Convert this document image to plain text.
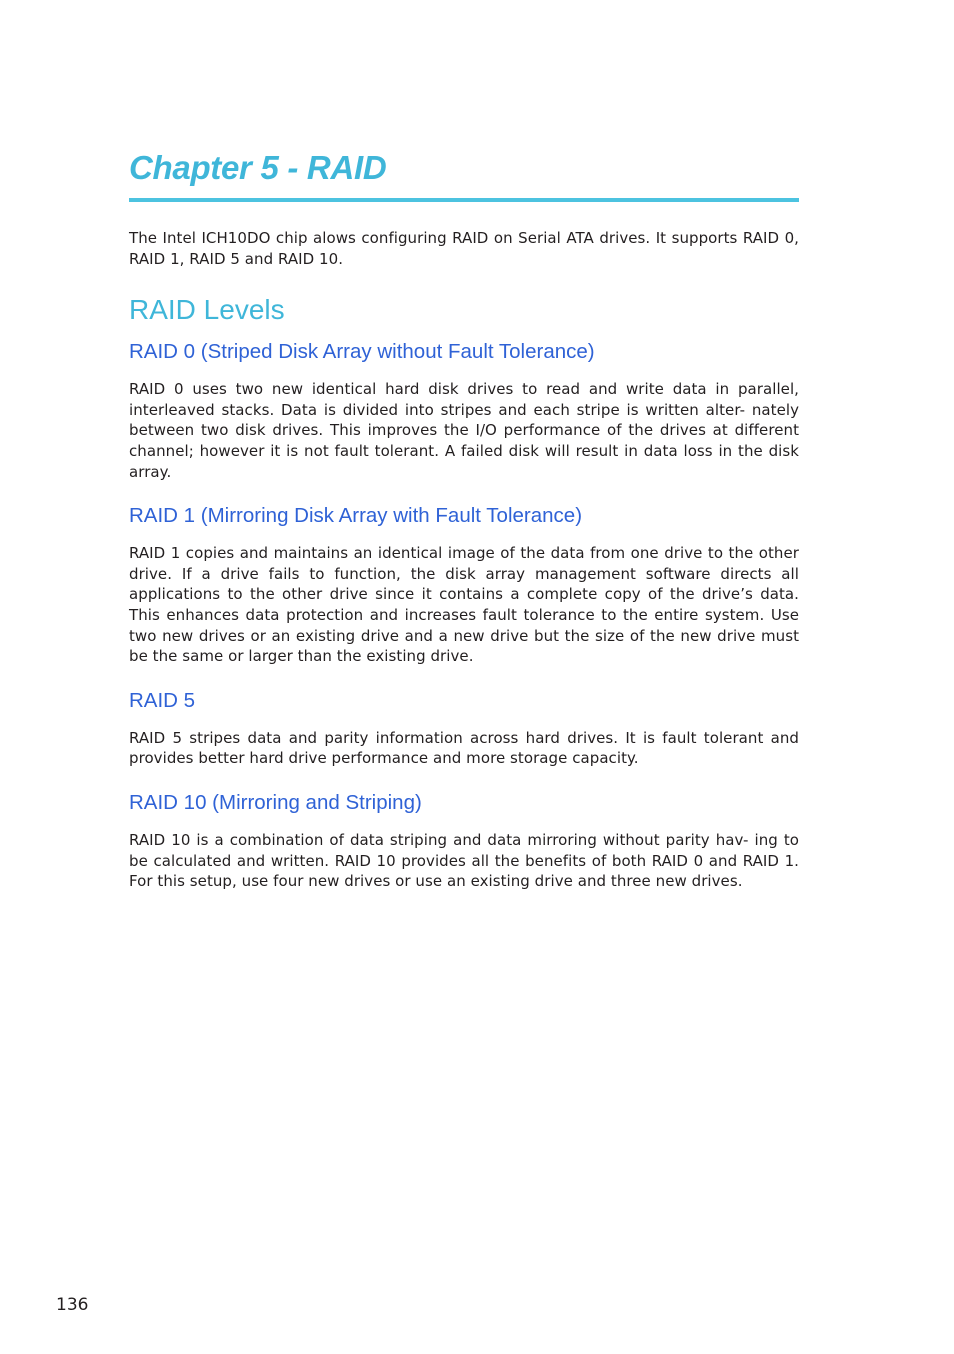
Chapter 5 - RAID

The Intel ICH10DO chip alows configuring RAID on Serial ATA drives. It supports RAID 0, RAID 1, RAID 5 and RAID 10.

RAID Levels
RAID 0 (Striped Disk Array without Fault Tolerance)

RAID 0 uses two new identical hard disk drives to read and write data in parallel, interleaved stacks. Data is divided into stripes and each stripe is written alter- nately between two disk drives. This improves the I/O performance of the drives at different channel; however it is not fault tolerant. A failed disk will result in data loss in the disk array.

RAID 1 (Mirroring Disk Array with Fault Tolerance)

RAID 1 copies and maintains an identical image of the data from one drive to the other drive. If a drive fails to function, the disk array management software directs all applications to the other drive since it contains a complete copy of the drive’s data. This enhances data protection and increases fault tolerance to the entire system. Use two new drives or an existing drive and a new drive but the size of the new drive must be the same or larger than the existing drive.

RAID 5

RAID 5 stripes data and parity information across hard drives. It is fault tolerant and provides better hard drive performance and more storage capacity.

RAID 10 (Mirroring and Striping)

RAID 10 is a combination of data striping and data mirroring without parity hav- ing to be calculated and written. RAID 10 provides all the benefits of both RAID 0 and RAID 1. For this setup, use four new drives or use an existing drive and three new drives.

136
